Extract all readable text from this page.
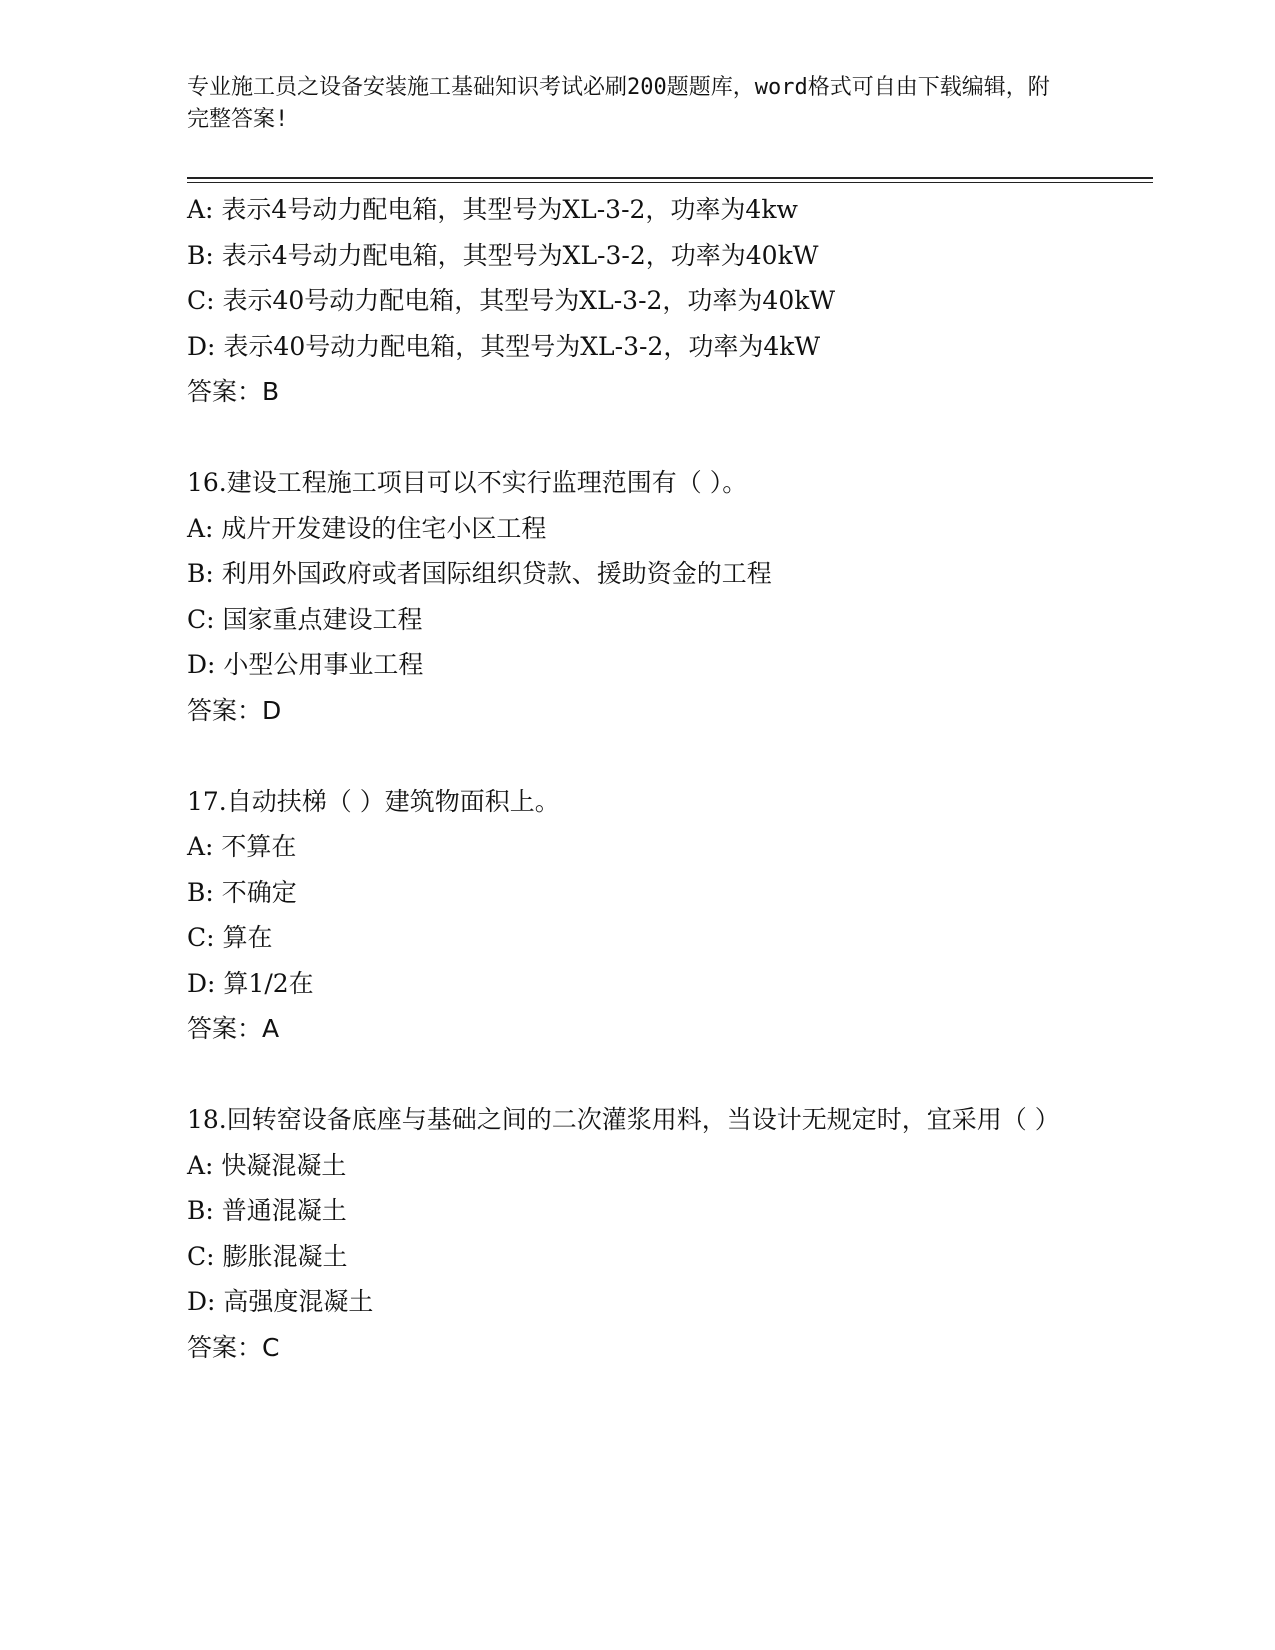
专业施工员之设备安装施工基础知识考试必刷200题题库，word格式可自由下载编辑，附完整答案!
A: 表示4号动力配电箱，其型号为XL-3-2，功率为4kw
B: 表示4号动力配电箱，其型号为XL-3-2，功率为40kW
C: 表示40号动力配电箱，其型号为XL-3-2，功率为40kW
D: 表示40号动力配电箱，其型号为XL-3-2，功率为4kW
答案：B
16.建设工程施工项目可以不实行监理范围有（ ）。
A: 成片开发建设的住宅小区工程
B: 利用外国政府或者国际组织贷款、援助资金的工程
C: 国家重点建设工程
D: 小型公用事业工程
答案：D
17.自动扶梯（ ）建筑物面积上。
A: 不算在
B: 不确定
C: 算在
D: 算1/2在
答案：A
18.回转窑设备底座与基础之间的二次灌浆用料，当设计无规定时，宜采用（ ）
A: 快凝混凝土
B: 普通混凝土
C: 膨胀混凝土
D: 高强度混凝土
答案：C
